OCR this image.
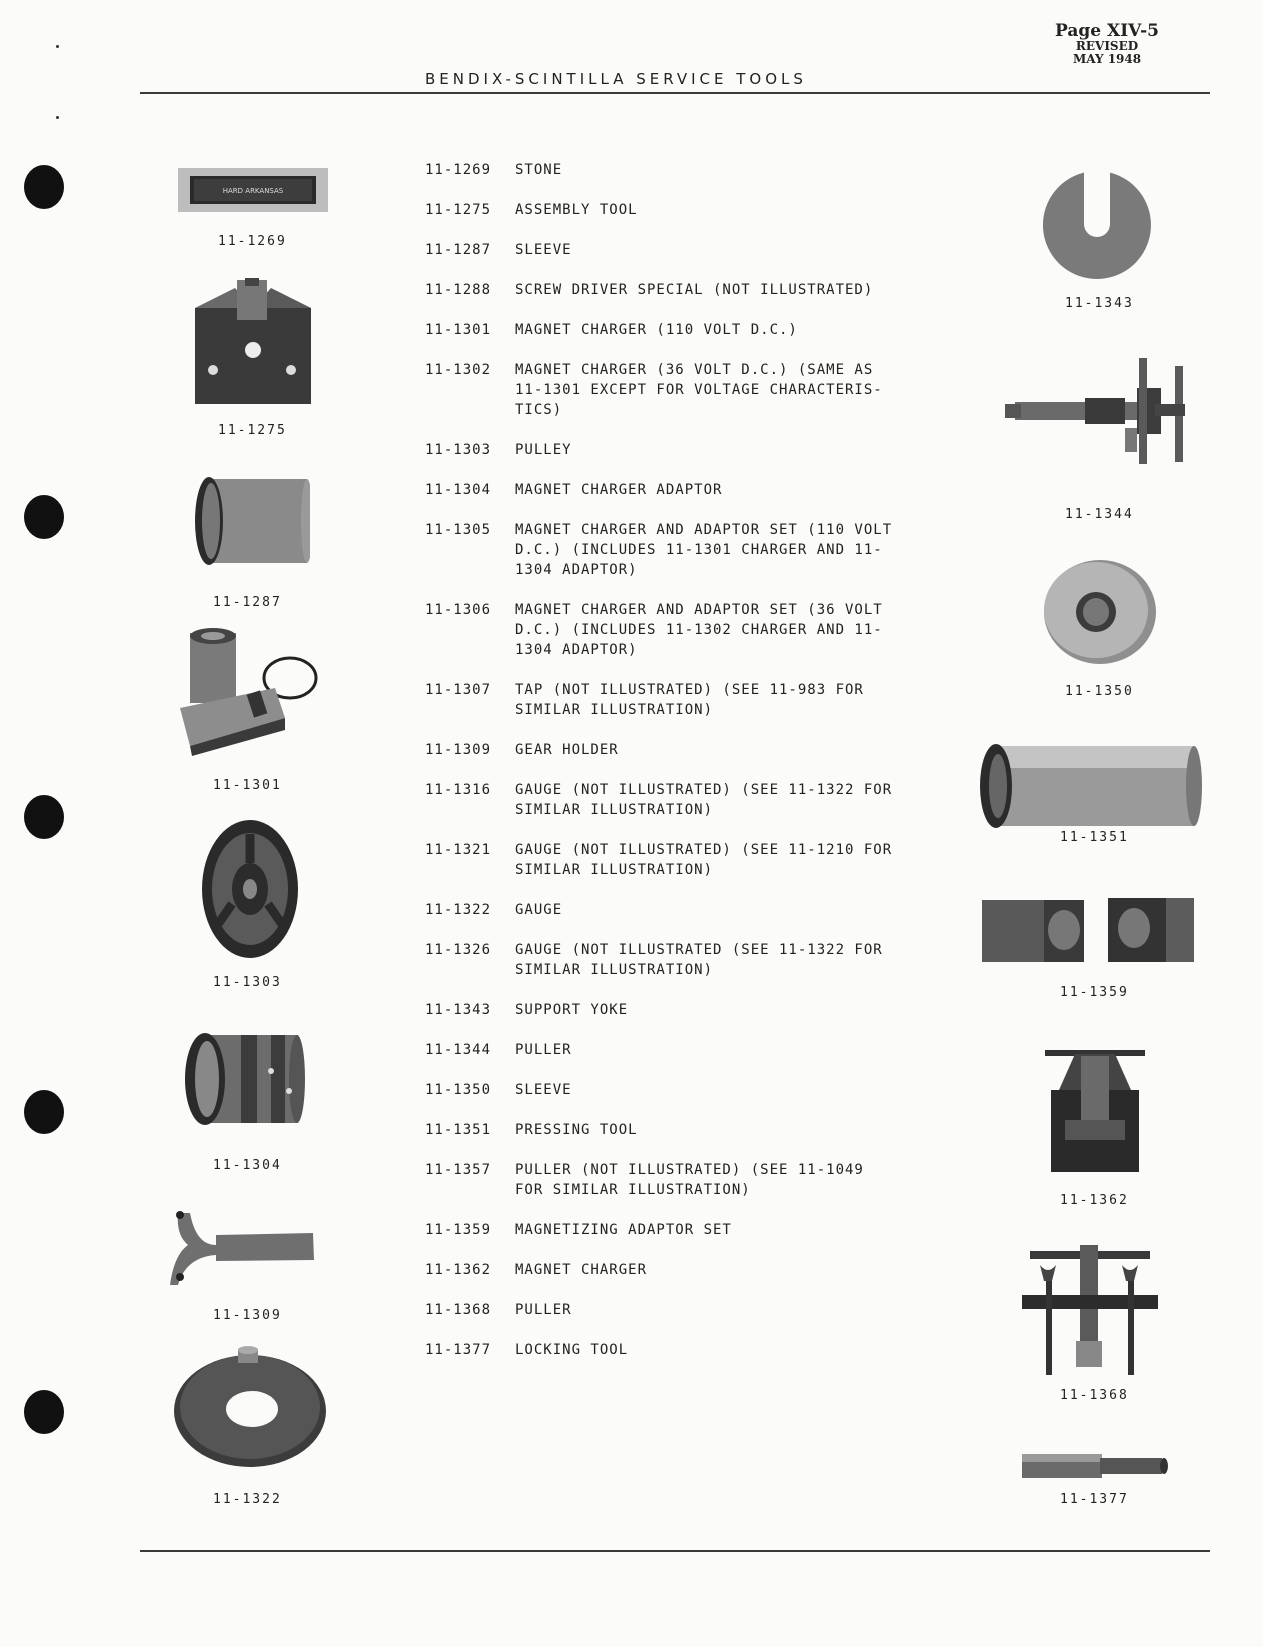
Page XIV-5
REVISED
MAY 1948
BENDIX-SCINTILLA SERVICE TOOLS
HARD ARKANSAS
11-1269
11-1275
11-1287
11-1301
11-1303
11-1304
11-1309
11-1322
11-1269	STONE
11-1275	ASSEMBLY TOOL
11-1287	SLEEVE
11-1288	SCREW DRIVER SPECIAL (NOT ILLUSTRATED)
11-1301	MAGNET CHARGER (110 VOLT D.C.)
11-1302	MAGNET CHARGER (36 VOLT D.C.) (SAME AS
11-1301 EXCEPT FOR VOLTAGE CHARACTERIS-
TICS)
11-1303	PULLEY
11-1304	MAGNET CHARGER ADAPTOR
11-1305	MAGNET CHARGER AND ADAPTOR SET (110 VOLT
D.C.) (INCLUDES 11-1301 CHARGER AND 11-
1304 ADAPTOR)
11-1306	MAGNET CHARGER AND ADAPTOR SET (36 VOLT
D.C.) (INCLUDES 11-1302 CHARGER AND 11-
1304 ADAPTOR)
11-1307	TAP (NOT ILLUSTRATED) (SEE 11-983 FOR
SIMILAR ILLUSTRATION)
11-1309	GEAR HOLDER
11-1316	GAUGE (NOT ILLUSTRATED) (SEE 11-1322 FOR
SIMILAR ILLUSTRATION)
11-1321	GAUGE (NOT ILLUSTRATED) (SEE 11-1210 FOR
SIMILAR ILLUSTRATION)
11-1322	GAUGE
11-1326	GAUGE (NOT ILLUSTRATED (SEE 11-1322 FOR
SIMILAR ILLUSTRATION)
11-1343	SUPPORT YOKE
11-1344	PULLER
11-1350	SLEEVE
11-1351	PRESSING TOOL
11-1357	PULLER (NOT ILLUSTRATED) (SEE 11-1049
FOR SIMILAR ILLUSTRATION)
11-1359	MAGNETIZING ADAPTOR SET
11-1362	MAGNET CHARGER
11-1368	PULLER
11-1377	LOCKING TOOL
11-1343
11-1344
11-1350
11-1351
11-1359
11-1362
11-1368
11-1377
